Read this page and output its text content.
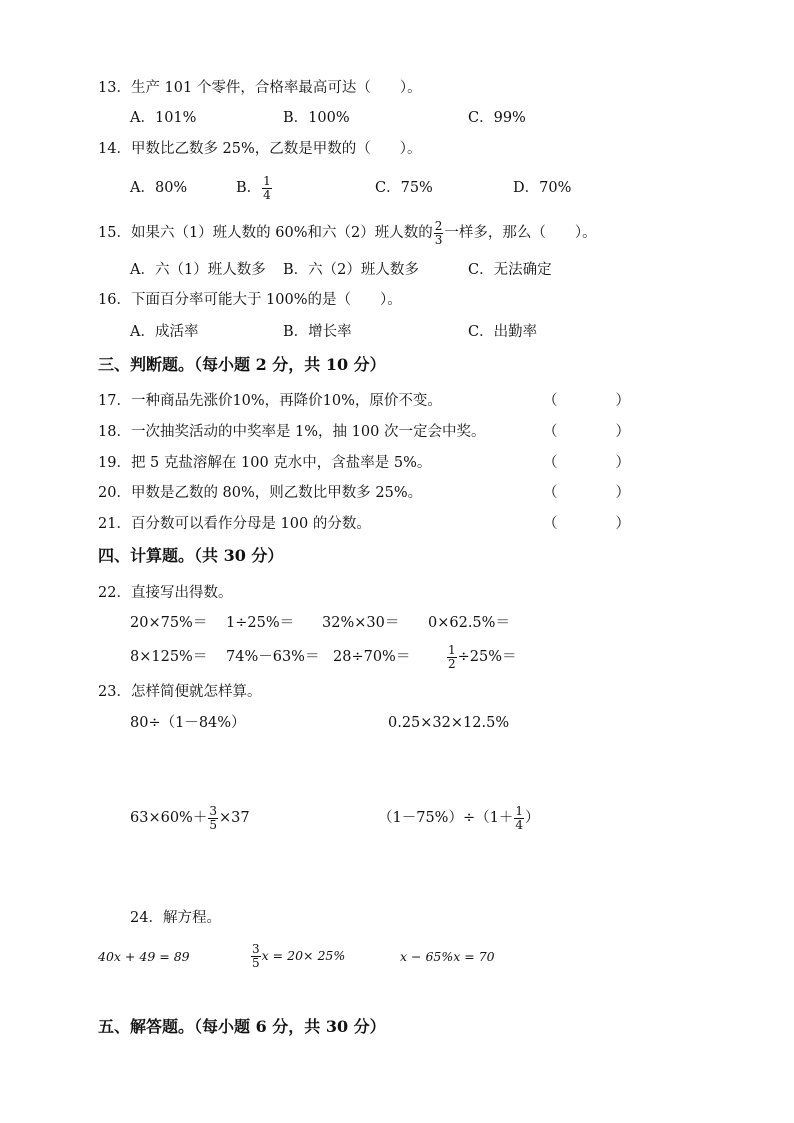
13．生产 101 个零件，合格率最高可达（　　）。
A．101%	B．100%	C．99%
14．甲数比乙数多 25%，乙数是甲数的（　　）。
A．80%	B． $\frac{1}{4}$	C．75%	D．70%
15．如果六（1）班人数的 60%和六（2）班人数的 $\frac{2}{3}$ 一样多，那么（　　）。
A．六（1）班人数多 B．六（2）班人数多	C．无法确定
16．下面百分率可能大于 100%的是（　　）。
A．成活率	B．增长率	C．出勤率
三、判断题。（每小题 2 分，共 10 分）
17．一种商品先涨价10%，再降价10%，原价不变。	（　　　　）
18．一次抽奖活动的中奖率是 1%，抽 100 次一定会中奖。	（　　　　）
19．把 5 克盐溶解在 100 克水中，含盐率是 5%。	（　　　　）
20．甲数是乙数的 80%，则乙数比甲数多 25%。	（　　　　）
21．百分数可以看作分母是 100 的分数。	（　　　　）
四、计算题。（共 30 分）
22．直接写出得数。
20×75%＝ 1÷25%＝ 32%×30＝ 0×62.5%＝
8×125%＝ 74%－63%＝ 28÷70%＝	$\frac{1}{2} \div 25\%=$
23．怎样简便就怎样算。
80÷（1－84%）	0.25×32×12.5%
$63\times 60\%+ \frac{3}{5} \times 37$	$(1-75\%)\div(1+ \frac{1}{4}$ ）
24．解方程。
40x + 49 = 89	$\frac{3}{5}$ x = 20× 25%	x − 65%x = 70
五、解答题。（每小题 6 分，共 30 分）
